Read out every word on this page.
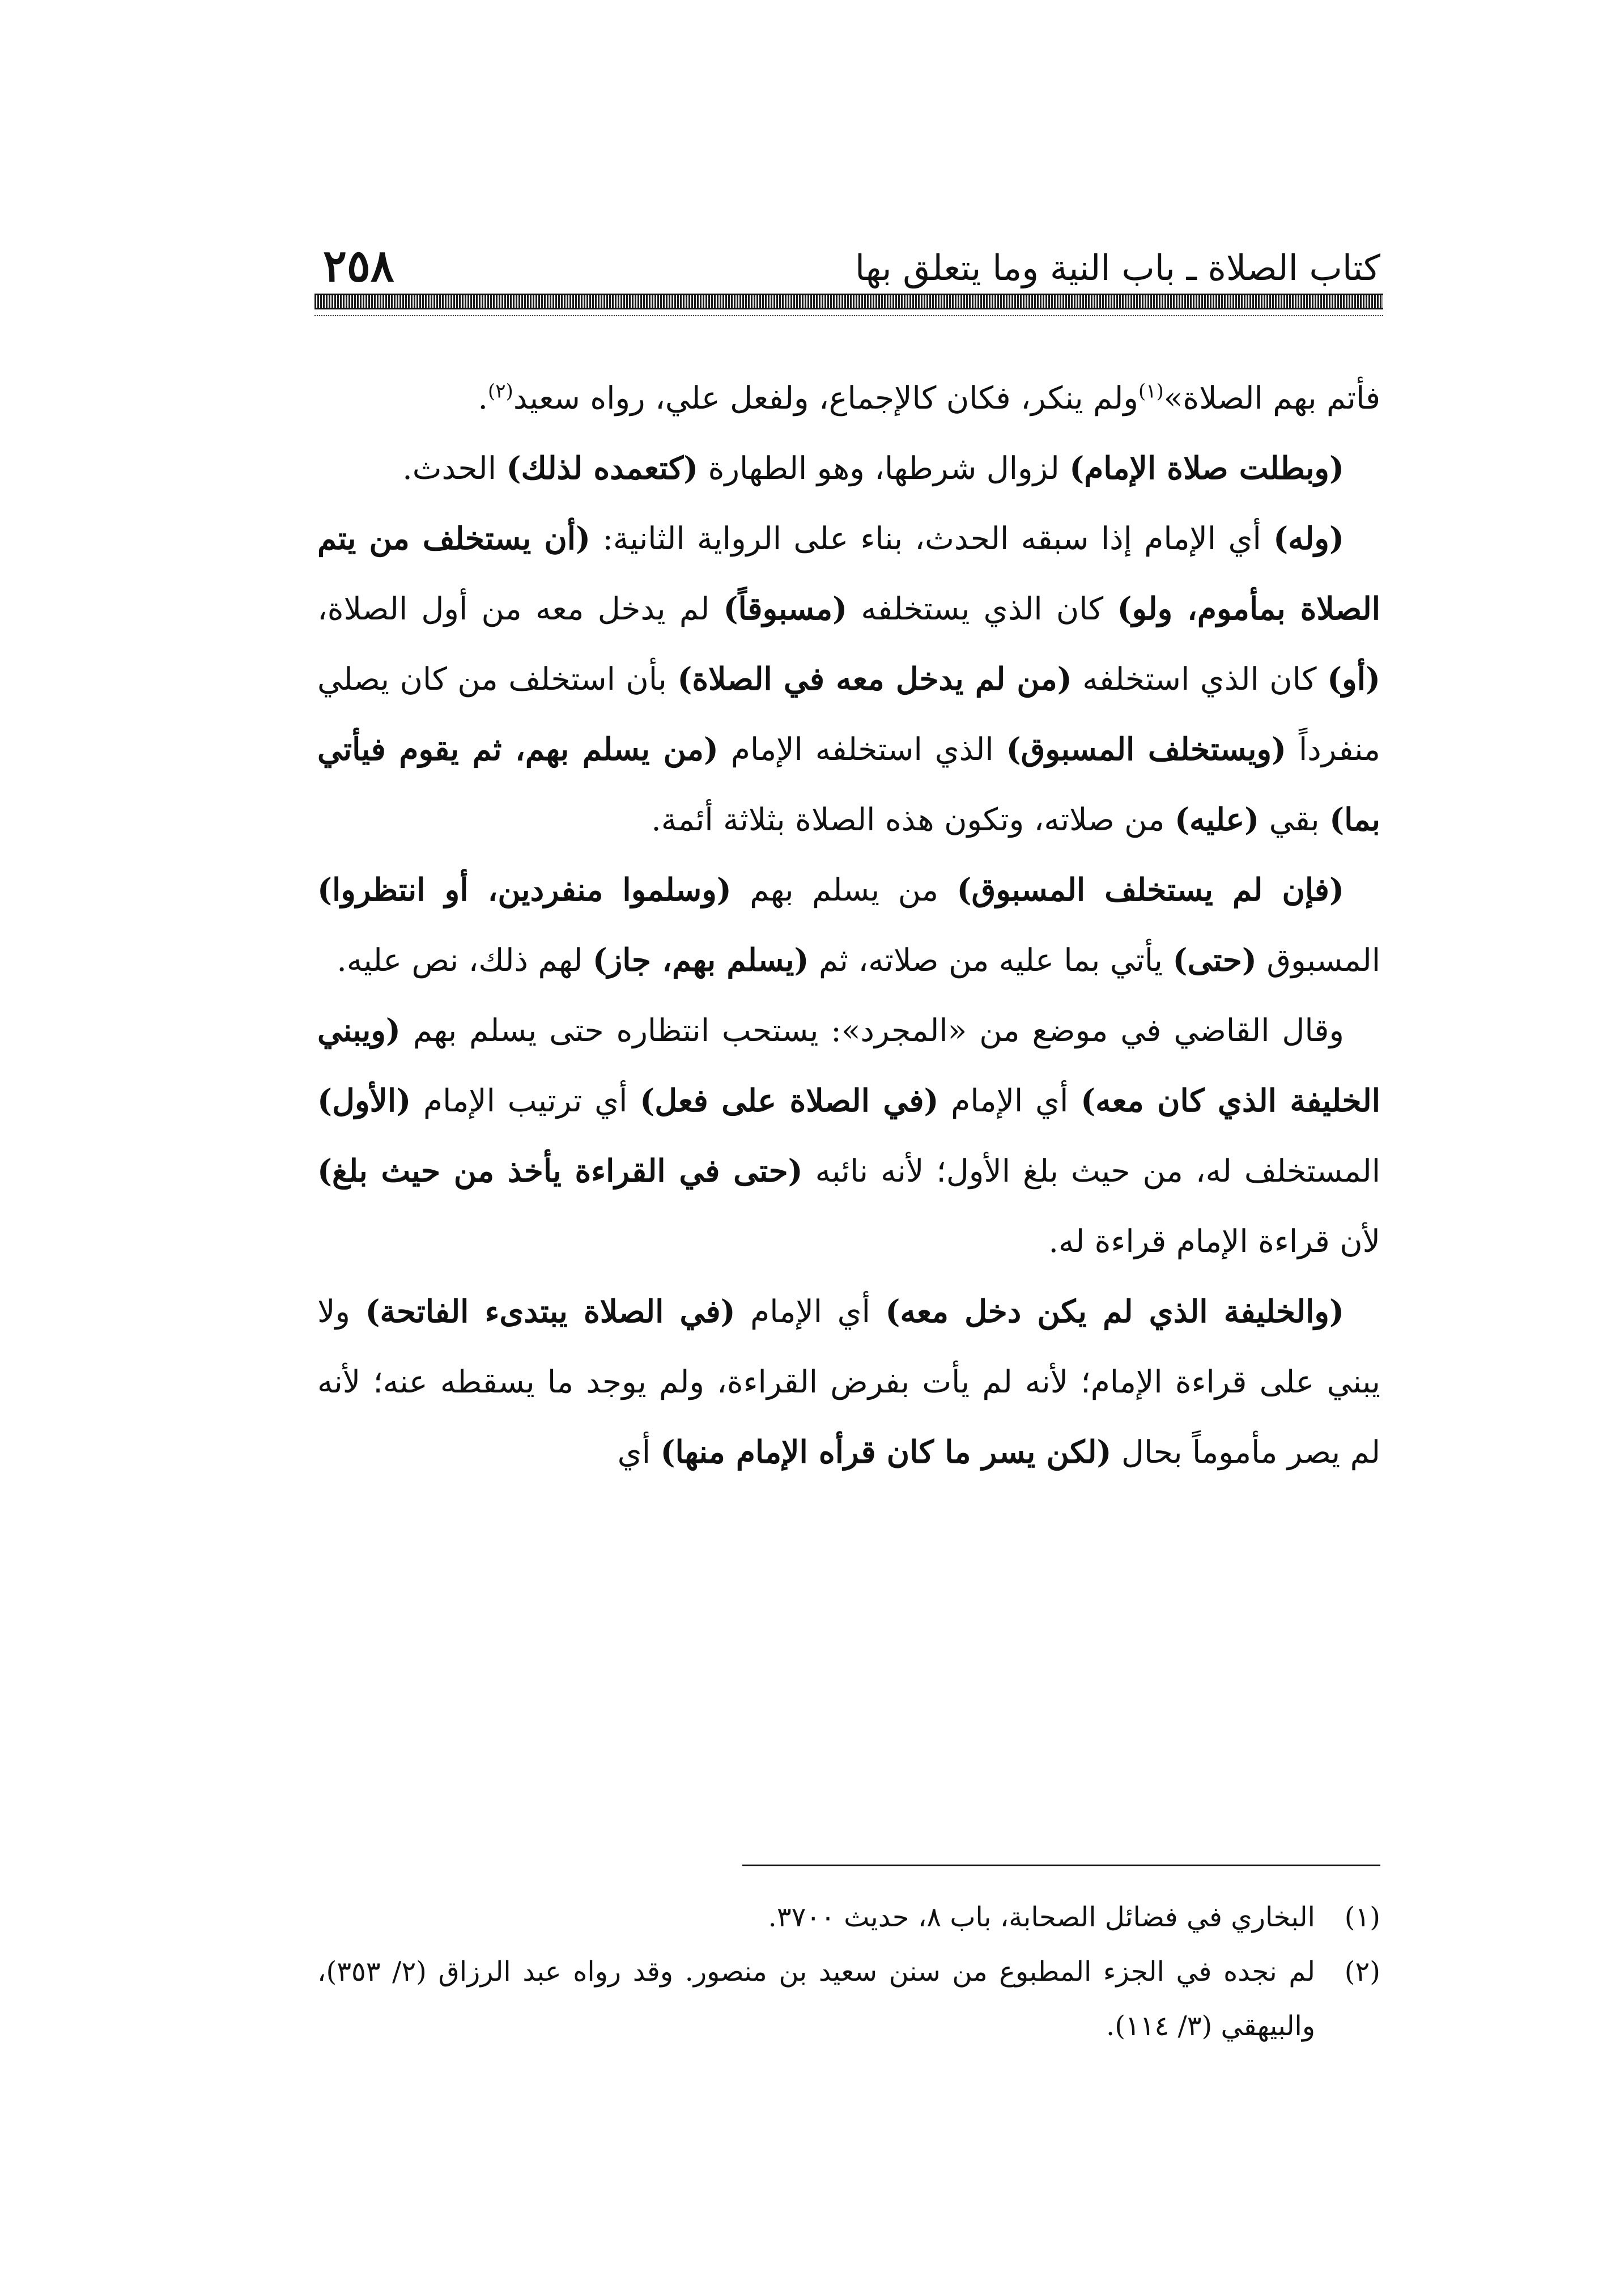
كتاب الصلاة ـ باب النية وما يتعلق بها
٢٥٨

فأتم بهم الصلاة»$^{(١)}$ولم ينكر، فكان كالإجماع، ولفعل علي، رواه سعيد$^{(٢)}$.

(وبطلت صلاة الإمام) لزوال شرطها، وهو الطهارة (كتعمده لذلك) الحدث.

(وله) أي الإمام إذا سبقه الحدث، بناء على الرواية الثانية: (أن يستخلف من يتم الصلاة بمأموم، ولو) كان الذي يستخلفه (مسبوقاً) لم يدخل معه من أول الصلاة، (أو) كان الذي استخلفه (من لم يدخل معه في الصلاة) بأن استخلف من كان يصلي منفرداً (ويستخلف المسبوق) الذي استخلفه الإمام (من يسلم بهم، ثم يقوم فيأتي بما) بقي (عليه) من صلاته، وتكون هذه الصلاة بثلاثة أئمة.

(فإن لم يستخلف المسبوق) من يسلم بهم (وسلموا منفردين، أو انتظروا) المسبوق (حتى) يأتي بما عليه من صلاته، ثم (يسلم بهم، جاز) لهم ذلك، نص عليه.

وقال القاضي في موضع من «المجرد»: يستحب انتظاره حتى يسلم بهم (ويبني الخليفة الذي كان معه) أي الإمام (في الصلاة على فعل) أي ترتيب الإمام (الأول) المستخلف له، من حيث بلغ الأول؛ لأنه نائبه (حتى في القراءة يأخذ من حيث بلغ) لأن قراءة الإمام قراءة له.

(والخليفة الذي لم يكن دخل معه) أي الإمام (في الصلاة يبتدىء الفاتحة) ولا يبني على قراءة الإمام؛ لأنه لم يأت بفرض القراءة، ولم يوجد ما يسقطه عنه؛ لأنه لم يصر مأموماً بحال (لكن يسر ما كان قرأه الإمام منها) أي

(١)
البخاري في فضائل الصحابة، باب ٨، حديث ٣٧٠٠.
(٢)
لم نجده في الجزء المطبوع من سنن سعيد بن منصور. وقد رواه عبد الرزاق (٢/ ٣٥٣)، والبيهقي (٣/ ١١٤).
